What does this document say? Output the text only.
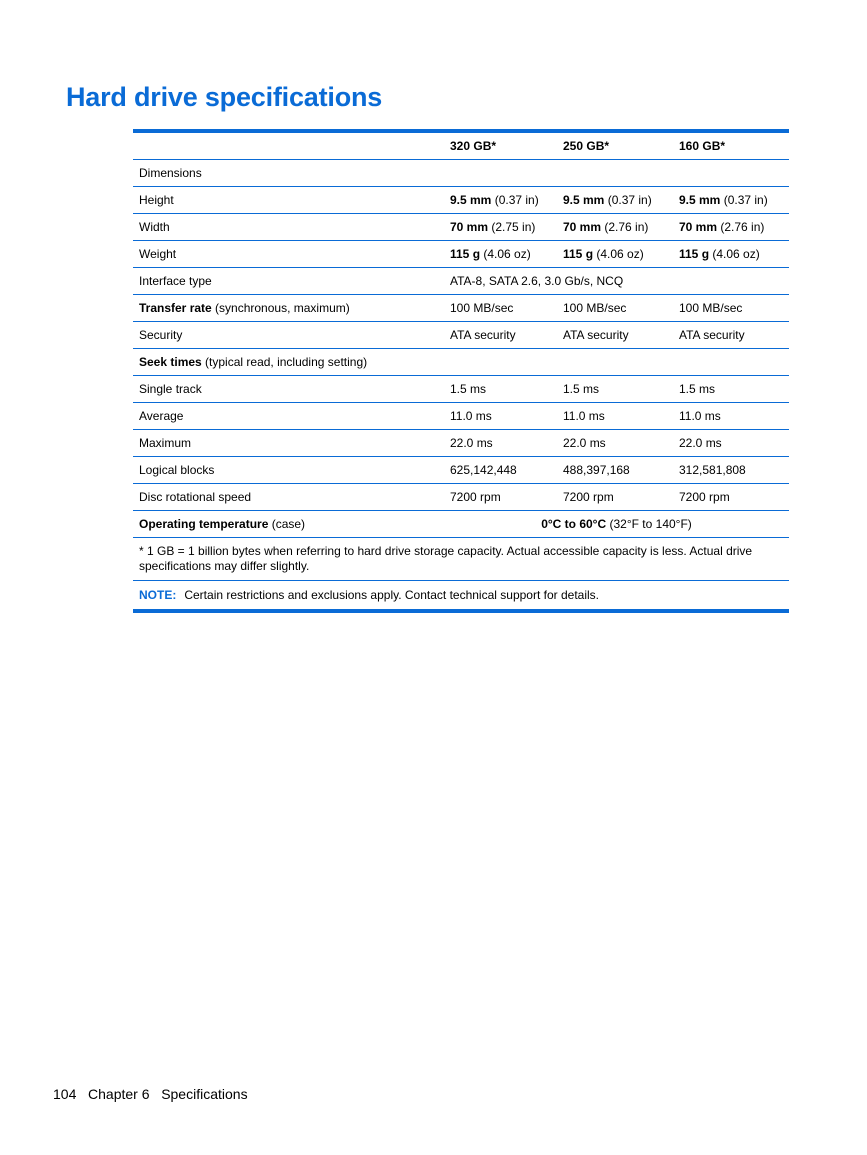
Hard drive specifications
	320 GB*	250 GB*	160 GB*
Dimensions			
Height	9.5 mm (0.37 in)	9.5 mm (0.37 in)	9.5 mm (0.37 in)
Width	70 mm (2.75 in)	70 mm (2.76 in)	70 mm (2.76 in)
Weight	115 g (4.06 oz)	115 g (4.06 oz)	115 g (4.06 oz)
Interface type	ATA-8, SATA 2.6, 3.0 Gb/s, NCQ		
Transfer rate (synchronous, maximum)	100 MB/sec	100 MB/sec	100 MB/sec
Security	ATA security	ATA security	ATA security
Seek times (typical read, including setting)			
Single track	1.5 ms	1.5 ms	1.5 ms
Average	11.0 ms	11.0 ms	11.0 ms
Maximum	22.0 ms	22.0 ms	22.0 ms
Logical blocks	625,142,448	488,397,168	312,581,808
Disc rotational speed	7200 rpm	7200 rpm	7200 rpm
Operating temperature (case)	0°C to 60°C (32°F to 140°F)		
* 1 GB = 1 billion bytes when referring to hard drive storage capacity. Actual accessible capacity is less. Actual drive specifications may differ slightly.			
NOTE: Certain restrictions and exclusions apply. Contact technical support for details.			
104 Chapter 6 Specifications
